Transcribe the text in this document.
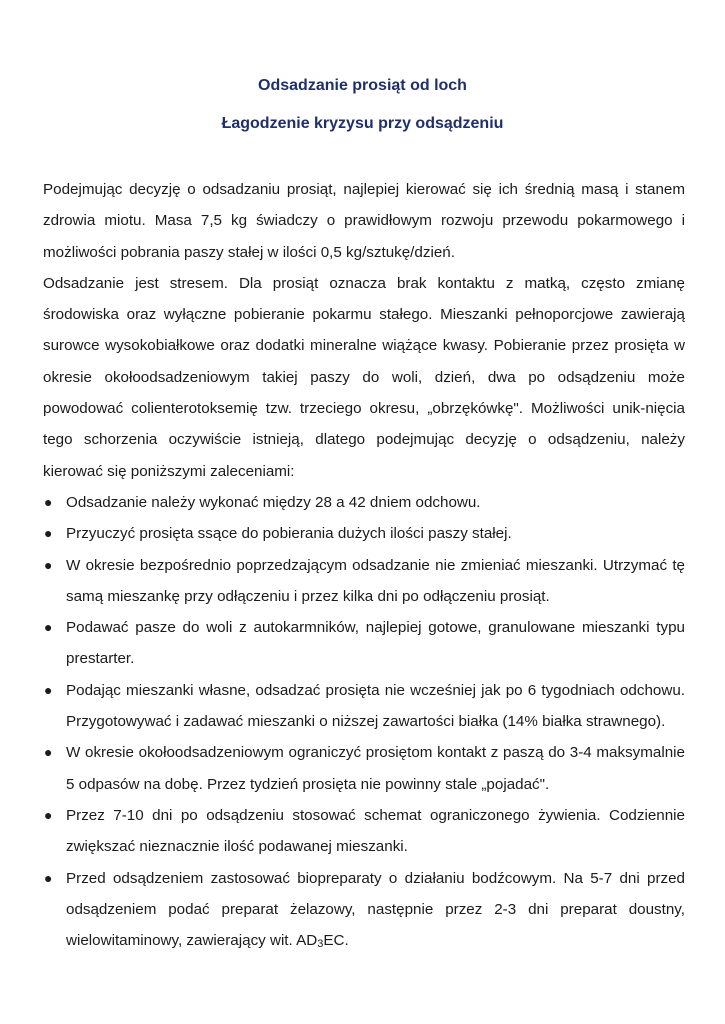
Odsadzanie prosiąt od loch
Łagodzenie kryzysu przy odsądzeniu

Podejmując decyzję o odsadzaniu prosiąt, najlepiej kierować się ich średnią masą i stanem zdrowia miotu. Masa 7,5 kg świadczy o prawidłowym rozwoju przewodu pokarmowego i możliwości pobrania paszy stałej w ilości 0,5 kg/sztukę/dzień.

Odsadzanie jest stresem. Dla prosiąt oznacza brak kontaktu z matką, często zmianę środowiska oraz wyłączne pobieranie pokarmu stałego. Mieszanki pełnoporcjowe zawierają surowce wysokobiałkowe oraz dodatki mineralne wiążące kwasy. Pobieranie przez prosięta w okresie okołoodsadzeniowym takiej paszy do woli, dzień, dwa po odsądzeniu może powodować colienterotoksemię tzw. trzeciego okresu, „obrzękówkę". Możliwości unik-nięcia tego schorzenia oczywiście istnieją, dlatego podejmując decyzję o odsądzeniu, należy kierować się poniższymi zaleceniami:

● Odsadzanie należy wykonać między 28 a 42 dniem odchowu.
● Przyuczyć prosięta ssące do pobierania dużych ilości paszy stałej.
● W okresie bezpośrednio poprzedzającym odsadzanie nie zmieniać mieszanki. Utrzymać tę samą mieszankę przy odłączeniu i przez kilka dni po odłączeniu prosiąt.
● Podawać pasze do woli z autokarmników, najlepiej gotowe, granulowane mieszanki typu prestarter.
● Podając mieszanki własne, odsadzać prosięta nie wcześniej jak po 6 tygodniach odchowu. Przygotowywać i zadawać mieszanki o niższej zawartości białka (14% białka strawnego).
● W okresie okołoodsadzeniowym ograniczyć prosiętom kontakt z paszą do 3-4 maksymalnie 5 odpasów na dobę. Przez tydzień prosięta nie powinny stale „pojadać".
● Przez 7-10 dni po odsądzeniu stosować schemat ograniczonego żywienia. Codziennie zwiększać nieznacznie ilość podawanej mieszanki.
● Przed odsądzeniem zastosować biopreparaty o działaniu bodźcowym. Na 5-7 dni przed odsądzeniem podać preparat żelazowy, następnie przez 2-3 dni preparat doustny, wielowitaminowy, zawierający wit. $AD_3EC$.
